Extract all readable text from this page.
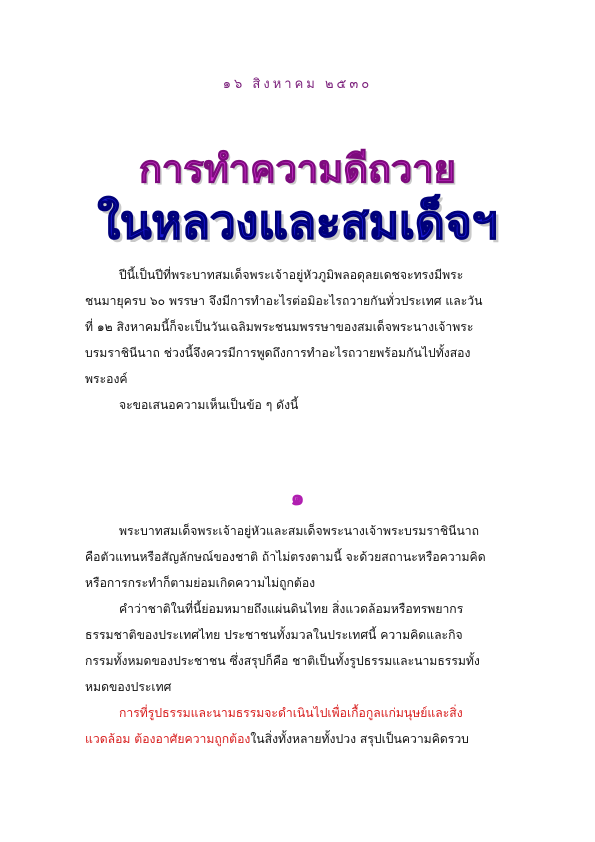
๑๖ สิงหาคม ๒๕๓๐
การทำความดีถวาย
ในหลวงและสมเด็จฯ
ปีนี้เป็นปีที่พระบาทสมเด็จพระเจ้าอยู่หัวภูมิพลอดุลยเดชจะทรงมีพระ
ชนมายุครบ ๖๐ พรรษา จึงมีการทำอะไรต่อมิอะไรถวายกันทั่วประเทศ และวัน
ที่ ๑๒ สิงหาคมนี้ก็จะเป็นวันเฉลิมพระชนมพรรษาของสมเด็จพระนางเจ้าพระ
บรมราชินีนาถ ช่วงนี้จึงควรมีการพูดถึงการทำอะไรถวายพร้อมกันไปทั้งสอง
พระองค์
จะขอเสนอความเห็นเป็นข้อ ๆ ดังนี้
๑
พระบาทสมเด็จพระเจ้าอยู่หัวและสมเด็จพระนางเจ้าพระบรมราชินีนาถ
คือตัวแทนหรือสัญลักษณ์ของชาติ ถ้าไม่ตรงตามนี้ จะด้วยสถานะหรือความคิด
หรือการกระทำก็ตามย่อมเกิดความไม่ถูกต้อง
คำว่าชาติในที่นี้ย่อมหมายถึงแผ่นดินไทย สิ่งแวดล้อมหรือทรพยากร
ธรรมชาติของประเทศไทย ประชาชนทั้งมวลในประเทศนี้ ความคิดและกิจ
กรรมทั้งหมดของประชาชน ซึ่งสรุปก็คือ ชาติเป็นทั้งรูปธรรมและนามธรรมทั้ง
หมดของประเทศ
การที่รูปธรรมและนามธรรมจะดำเนินไปเพื่อเกื้อกูลแก่มนุษย์และสิ่ง
แวดล้อม ต้องอาศัยความถูกต้องในสิ่งทั้งหลายทั้งปวง สรุปเป็นความคิดรวบ
